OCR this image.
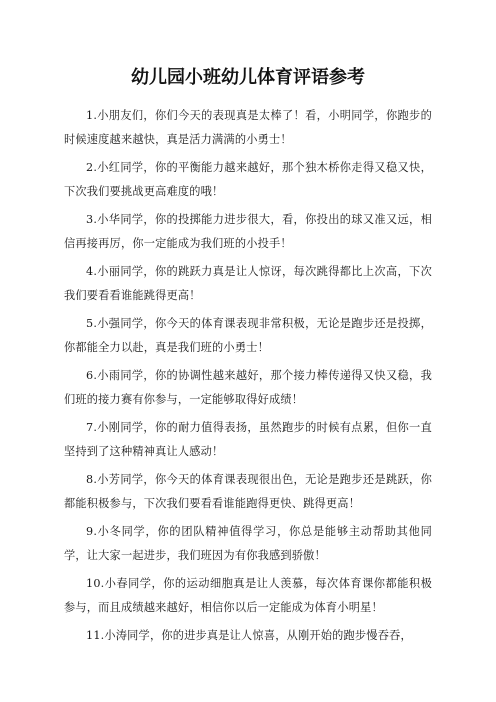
幼儿园小班幼儿体育评语参考

1.小朋友们，你们今天的表现真是太棒了！看，小明同学，你跑步的时候速度越来越快，真是活力满满的小勇士！

2.小红同学，你的平衡能力越来越好，那个独木桥你走得又稳又快，下次我们要挑战更高难度的哦！

3.小华同学，你的投掷能力进步很大，看，你投出的球又准又远，相信再接再厉，你一定能成为我们班的小投手！

4.小丽同学，你的跳跃力真是让人惊讶，每次跳得都比上次高，下次我们要看看谁能跳得更高！

5.小强同学，你今天的体育课表现非常积极，无论是跑步还是投掷，你都能全力以赴，真是我们班的小勇士！

6.小雨同学，你的协调性越来越好，那个接力棒传递得又快又稳，我们班的接力赛有你参与，一定能够取得好成绩！

7.小刚同学，你的耐力值得表扬，虽然跑步的时候有点累，但你一直坚持到了这种精神真让人感动！

8.小芳同学，你今天的体育课表现很出色，无论是跑步还是跳跃，你都能积极参与，下次我们要看看谁能跑得更快、跳得更高！

9.小冬同学，你的团队精神值得学习，你总是能够主动帮助其他同学，让大家一起进步，我们班因为有你我感到骄傲！

10.小春同学，你的运动细胞真是让人羡慕，每次体育课你都能积极参与，而且成绩越来越好，相信你以后一定能成为体育小明星！

11.小涛同学，你的进步真是让人惊喜，从刚开始的跑步慢吞吞，
